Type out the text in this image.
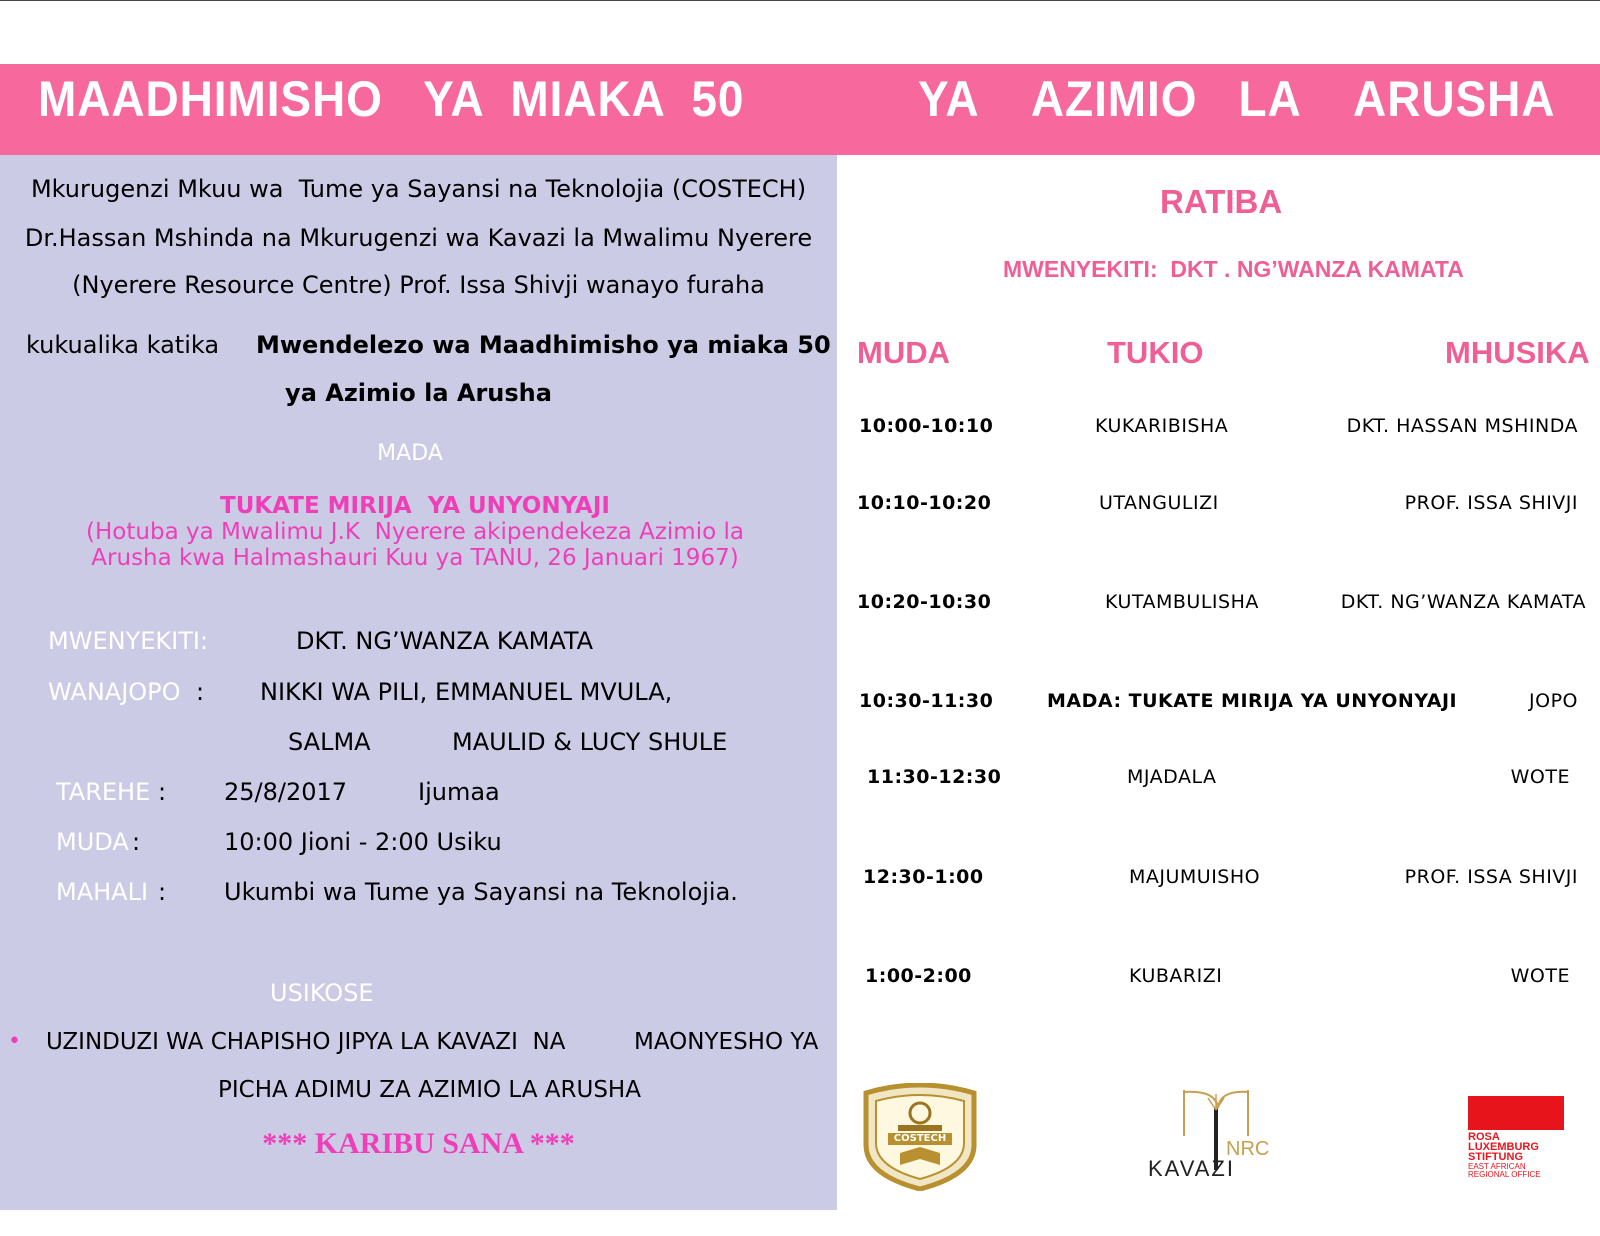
MAADHIMISHO   YA  MIAKA  50	YA    AZIMIO   LA    ARUSHA
Mkurugenzi Mkuu wa  Tume ya Sayansi na Teknolojia (COSTECH)
Dr.Hassan Mshinda na Mkurugenzi wa Kavazi la Mwalimu Nyerere
(Nyerere Resource Centre) Prof. Issa Shivji wanayo furaha
kukualika katika Mwendelezo wa Maadhimisho ya miaka 50
ya Azimio la Arusha
MADA
TUKATE MIRIJA  YA UNYONYAJI
(Hotuba ya Mwalimu J.K  Nyerere akipendekeza Azimio la
Arusha kwa Halmashauri Kuu ya TANU, 26 Januari 1967)
MWENYEKITI:	DKT. NG’WANZA KAMATA
WANAJOPO : NIKKI WA PILI, EMMANUEL MVULA,
SALMA	MAULID & LUCY SHULE
TAREHE : 25/8/2017	Ijumaa
MUDA :	10:00 Jioni - 2:00 Usiku
MAHALI : Ukumbi wa Tume ya Sayansi na Teknolojia.
USIKOSE
• UZINDUZI WA CHAPISHO JIPYA LA KAVAZI  NA	MAONYESHO YA
PICHA ADIMU ZA AZIMIO LA ARUSHA
*** KARIBU SANA ***
RATIBA
MWENYEKITI:  DKT . NG’WANZA KAMATA
MUDA	TUKIO	MHUSIKA
10:00-10:10	KUKARIBISHA	DKT. HASSAN MSHINDA
10:10-10:20	UTANGULIZI	PROF. ISSA SHIVJI
10:20-10:30	KUTAMBULISHA	DKT. NG’WANZA KAMATA
10:30-11:30	MADA: TUKATE MIRIJA YA UNYONYAJI	JOPO
11:30-12:30	MJADALA	WOTE
12:30-1:00	MAJUMUISHO	PROF. ISSA SHIVJI
1:00-2:00	KUBARIZI	WOTE
COSTECH	NRC
KAVAZI
ROSA
LUXEMBURG
STIFTUNG
EAST AFRICAN
REGIONAL OFFICE
